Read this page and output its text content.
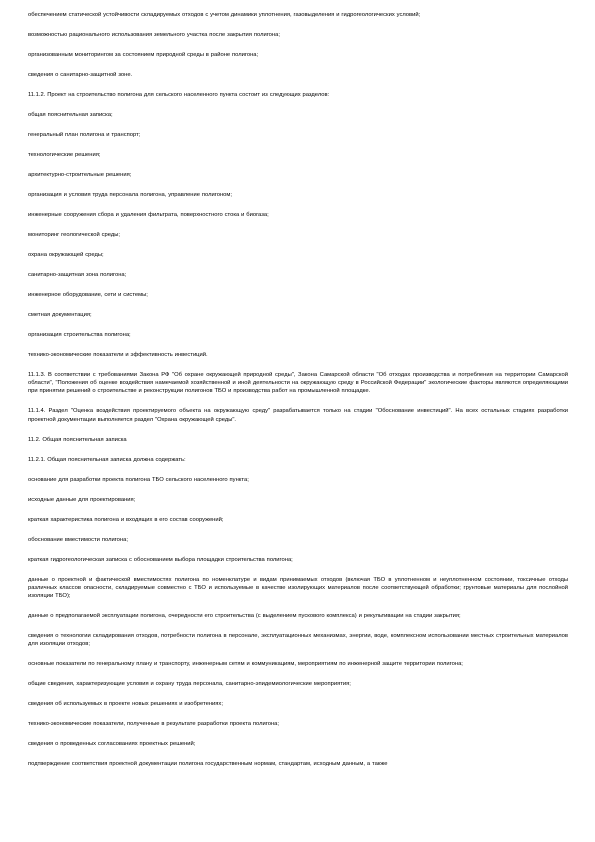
обеспечением статической устойчивости складируемых отходов с учетом динамики уплотнения, газовыделения и гидрогеологических условий;

возможностью рационального использования земельного участка после закрытия полигона;

организованным мониторингом за состоянием природной среды в районе полигона;

сведения о санитарно-защитной зоне.

11.1.2. Проект на строительство полигона для сельского населенного пункта состоит из следующих разделов:

общая пояснительная записка;

генеральный план полигона и транспорт;

технологические решения;

архитектурно-строительные решения;

организация и условия труда персонала полигона, управление полигоном;

инженерные сооружения сбора и удаления фильтрата, поверхностного стока и биогаза;

мониторинг геологической среды;

охрана окружающей среды;

санитарно-защитная зона полигона;

инженерное оборудование, сети и системы;

сметная документация;

организация строительства полигона;

технико-экономические показатели и эффективность инвестиций.

11.1.3. В соответствии с требованиями Закона РФ "Об охране окружающей природной среды", Закона Самарской области "Об отходах производства и потребления на территории Самарской области", "Положения об оценке воздействия намечаемой хозяйственной и иной деятельности на окружающую среду в Российской Федерации" экологические факторы являются определяющими при принятии решений о строительстве и реконструкции полигонов ТБО и производства работ на промышленной площадке.

11.1.4. Раздел "Оценка воздействия проектируемого объекта на окружающую среду" разрабатывается только на стадии "Обоснование инвестиций". На всех остальных стадиях разработки проектной документации выполняется раздел "Охрана окружающей среды".

11.2. Общая пояснительная записка

11.2.1. Общая пояснительная записка должна содержать:

основание для разработки проекта полигона ТБО сельского населенного пункта;

исходные данные для проектирования;

краткая характеристика полигона и входящих в его состав сооружений;

обоснование вместимости полигона;

краткая гидрогеологическая записка с обоснованием выбора площадки строительства полигона;

данные о проектной и фактической вместимостях полигона по номенклатуре и видам принимаемых отходов (включая ТБО в уплотненном и неуплотненном состоянии, токсичные отходы различных классов опасности, складируемые совместно с ТБО и используемые в качестве изолирующих материалов после соответствующей обработки; грунтовые материалы для послойной изоляции ТБО);

данные о предполагаемой эксплуатации полигона, очередности его строительства (с выделением пускового комплекса) и рекультивации на стадии закрытия;

сведения о технологии складирования отходов, потребности полигона в персонале, эксплуатационных механизмах, энергии, воде, комплексном использовании местных строительных материалов для изоляции отходов;

основные показатели по генеральному плану и транспорту, инженерным сетям и коммуникациям, мероприятиям по инженерной защите территории полигона;

общие сведения, характеризующие условия и охрану труда персонала, санитарно-эпидемиологические мероприятия;

сведения об используемых в проекте новых решениях и изобретениях;

технико-экономические показатели, полученные в результате разработки проекта полигона;

сведения о проведенных согласованиях проектных решений;

подтверждение соответствия проектной документации полигона государственным нормам, стандартам, исходным данным, а также
